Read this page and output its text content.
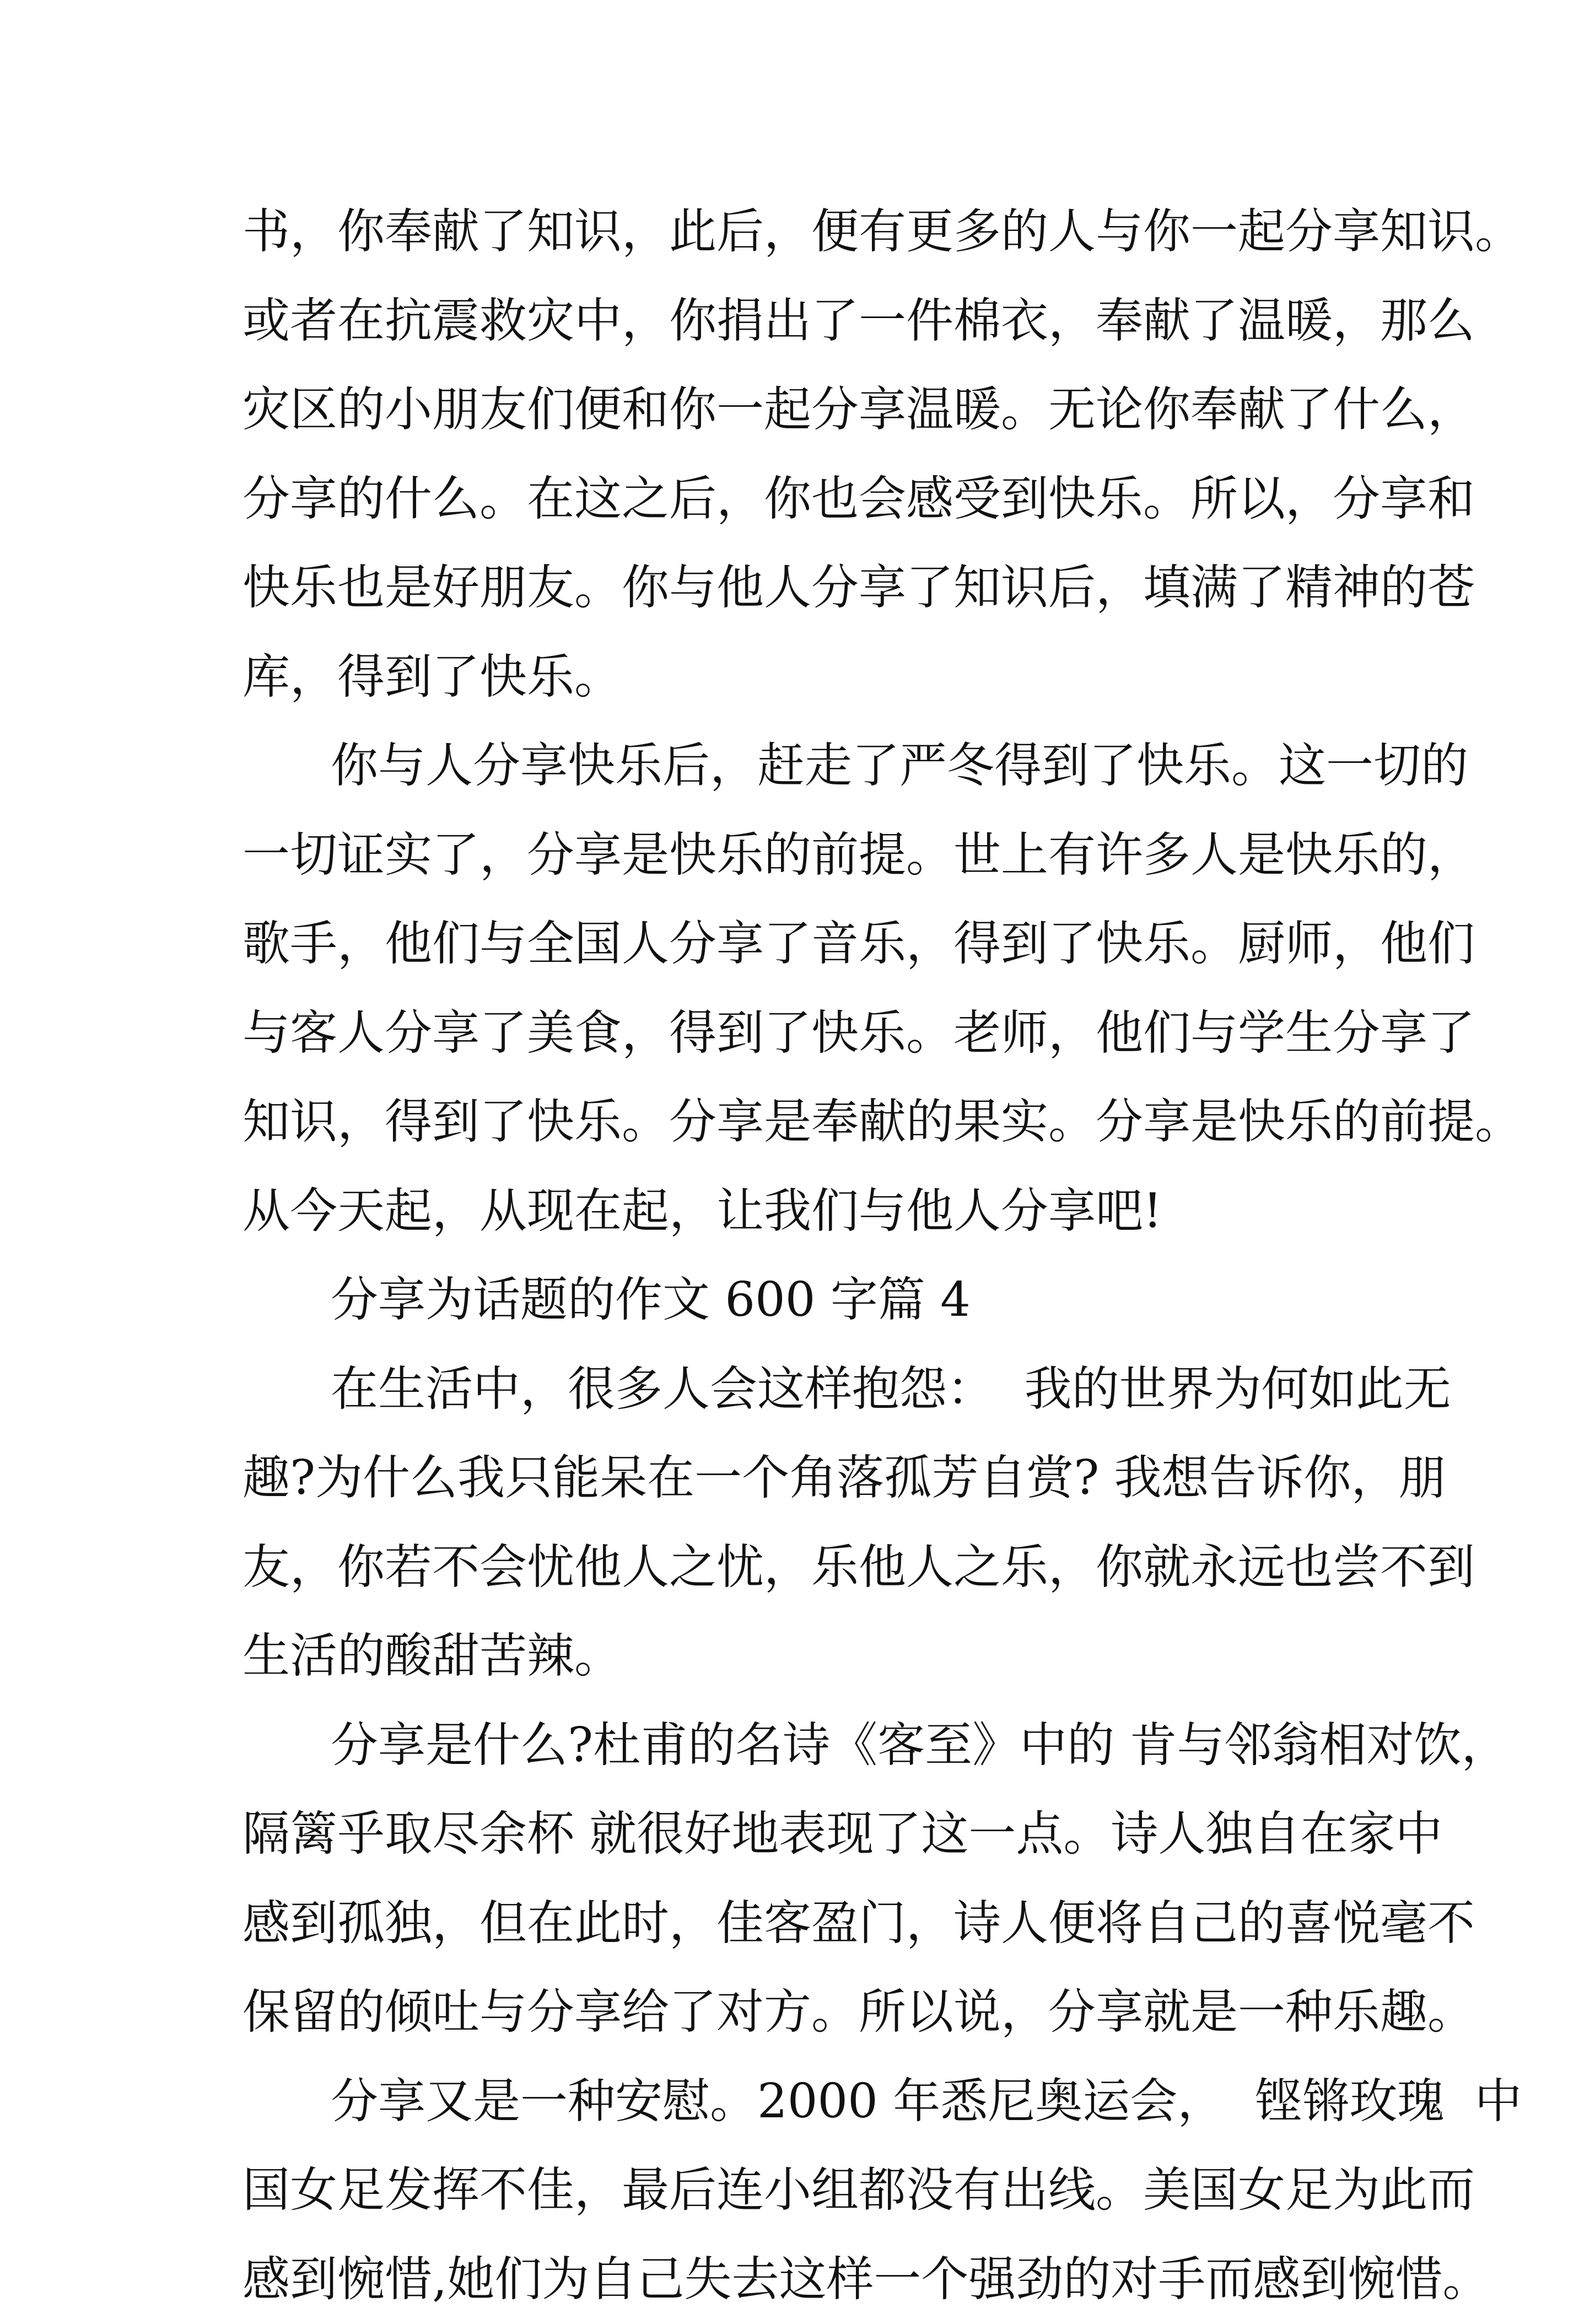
书，你奉献了知识，此后，便有更多的人与你一起分享知识。
或者在抗震救灾中，你捐出了一件棉衣，奉献了温暖，那么
灾区的小朋友们便和你一起分享温暖。无论你奉献了什么，
分享的什么。在这之后，你也会感受到快乐。所以，分享和
快乐也是好朋友。你与他人分享了知识后，填满了精神的苍
库，得到了快乐。
你与人分享快乐后，赶走了严冬得到了快乐。这一切的
一切证实了，分享是快乐的前提。世上有许多人是快乐的，
歌手，他们与全国人分享了音乐，得到了快乐。厨师，他们
与客人分享了美食，得到了快乐。老师，他们与学生分享了
知识，得到了快乐。分享是奉献的果实。分享是快乐的前提。
从今天起，从现在起，让我们与他人分享吧!
分享为话题的作文 600 字篇 4
在生活中，很多人会这样抱怨：  我的世界为何如此无
趣?为什么我只能呆在一个角落孤芳自赏? 我想告诉你，朋
友，你若不会忧他人之忧，乐他人之乐，你就永远也尝不到
生活的酸甜苦辣。
分享是什么?杜甫的名诗《客至》中的 肯与邻翁相对饮，
隔篱乎取尽余杯 就很好地表现了这一点。诗人独自在家中
感到孤独，但在此时，佳客盈门，诗人便将自己的喜悦毫不
保留的倾吐与分享给了对方。所以说，分享就是一种乐趣。
分享又是一种安慰。2000 年悉尼奥运会，  铿锵玫瑰  中
国女足发挥不佳，最后连小组都没有出线。美国女足为此而
感到惋惜,她们为自己失去这样一个强劲的对手而感到惋惜。
